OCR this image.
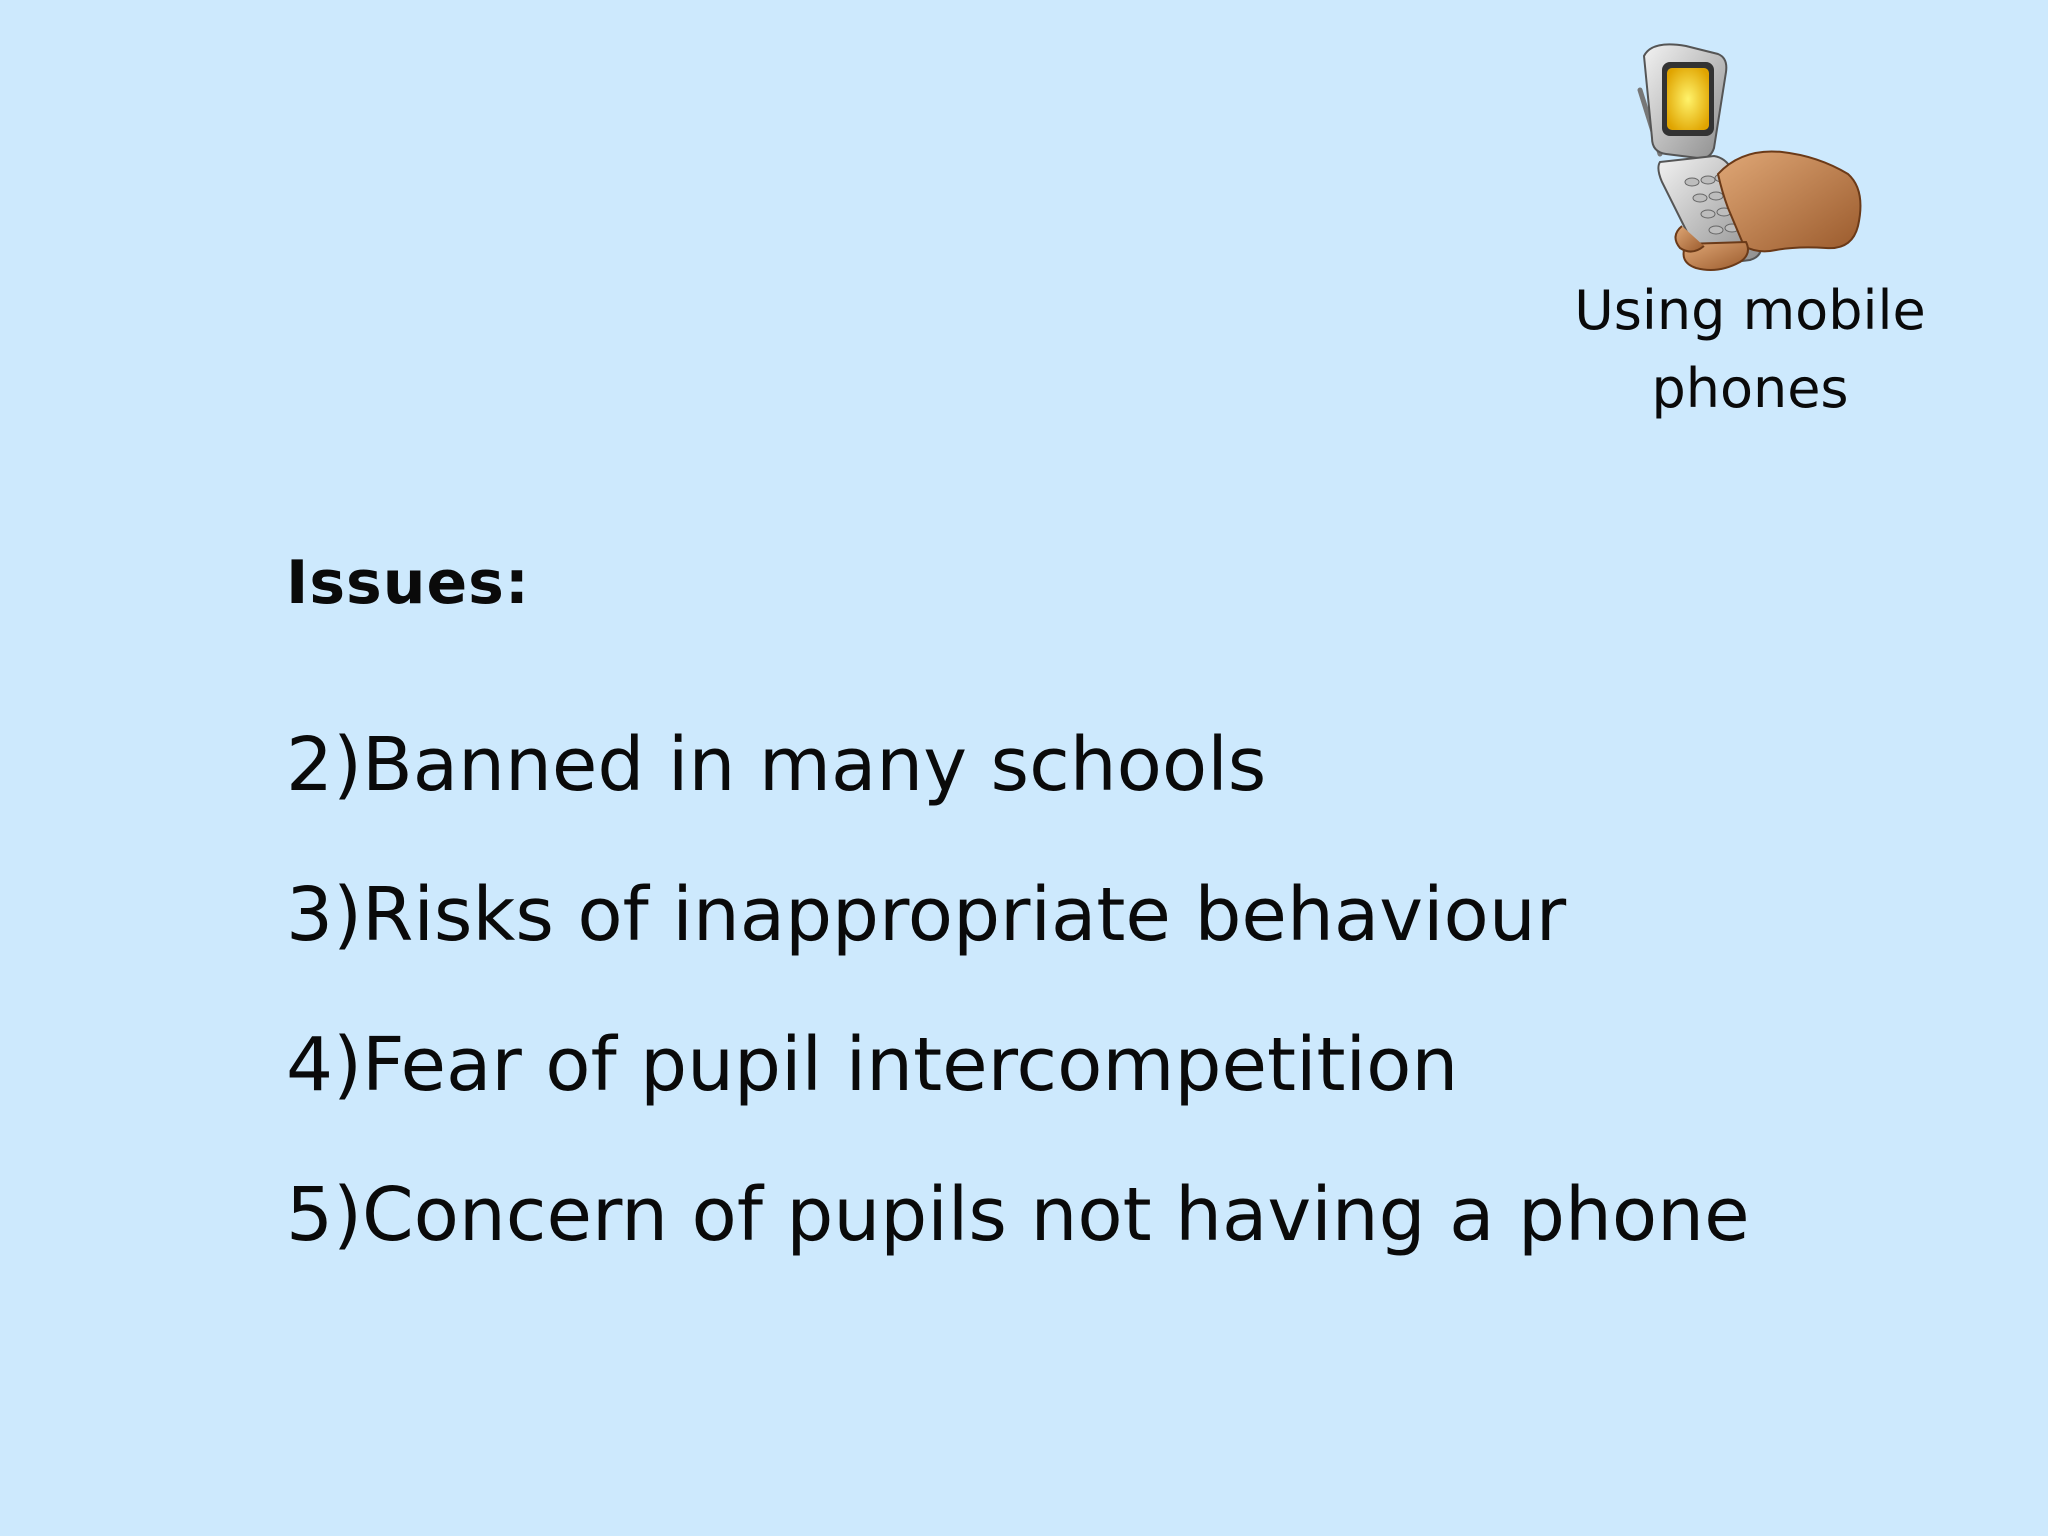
Using mobile
phones
Issues:
2)Banned in many schools
3)Risks of inappropriate behaviour
4)Fear of pupil intercompetition
5)Concern of pupils not having a phone
